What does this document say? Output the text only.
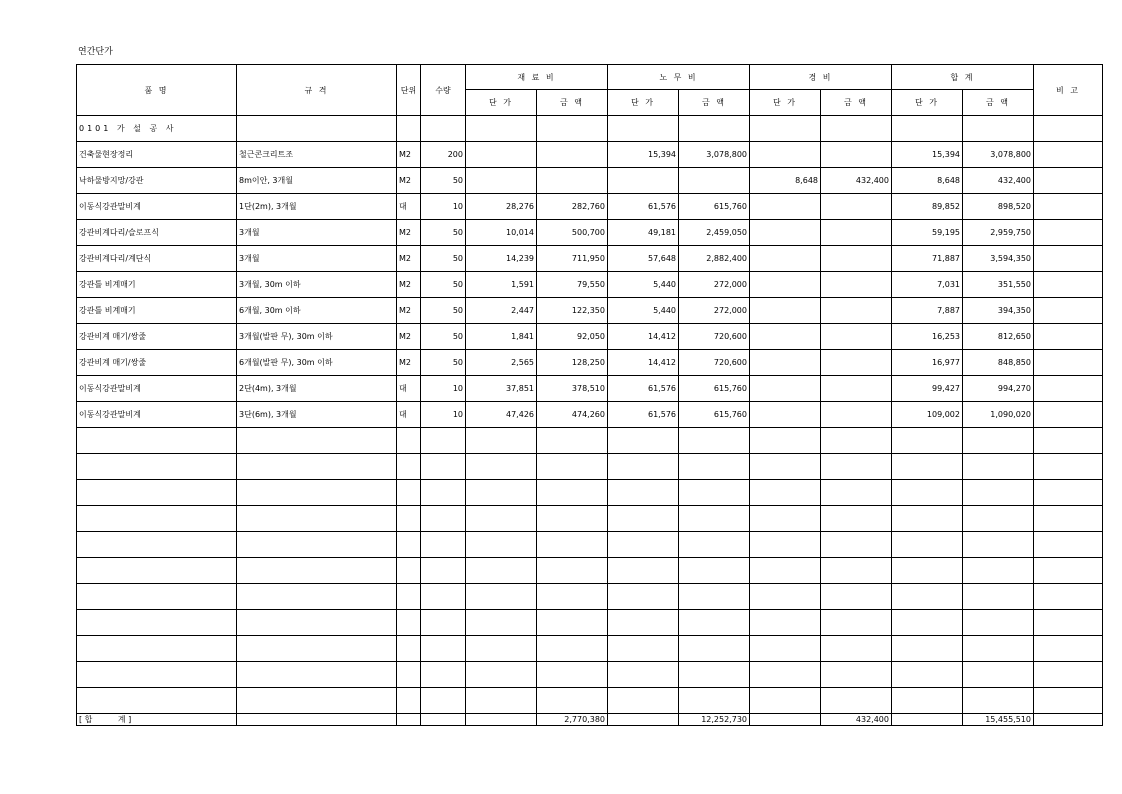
연간단가
품 명	규 격	단위	수량	재 료 비		노 무 비		경 비		합 계		비 고
				단 가	금 액	단 가	금 액	단 가	금 액	단 가	금 액	
0101 가 설 공 사												
건축물현장정리	철근콘크리트조	M2	200			15,394	3,078,800			15,394	3,078,800	
낙하물방지망/강관	8m이안, 3개월	M2	50					8,648	432,400	8,648	432,400	
이동식강관말비계	1단(2m), 3개월	대	10	28,276	282,760	61,576	615,760			89,852	898,520	
강관비계다리/슬로프식	3개월	M2	50	10,014	500,700	49,181	2,459,050			59,195	2,959,750	
강관비계다리/계단식	3개월	M2	50	14,239	711,950	57,648	2,882,400			71,887	3,594,350	
강관틀 비계매기	3개월, 30m 이하	M2	50	1,591	79,550	5,440	272,000			7,031	351,550	
강관틀 비계매기	6개월, 30m 이하	M2	50	2,447	122,350	5,440	272,000			7,887	394,350	
강관비계 매기/쌍줄	3개월(발판 무), 30m 이하	M2	50	1,841	92,050	14,412	720,600			16,253	812,650	
강관비계 매기/쌍줄	6개월(발판 무), 30m 이하	M2	50	2,565	128,250	14,412	720,600			16,977	848,850	
이동식강관말비계	2단(4m), 3개월	대	10	37,851	378,510	61,576	615,760			99,427	994,270	
이동식강관말비계	3단(6m), 3개월	대	10	47,426	474,260	61,576	615,760			109,002	1,090,020	

[ 합          계 ]					2,770,380		12,252,730		432,400		15,455,510	
